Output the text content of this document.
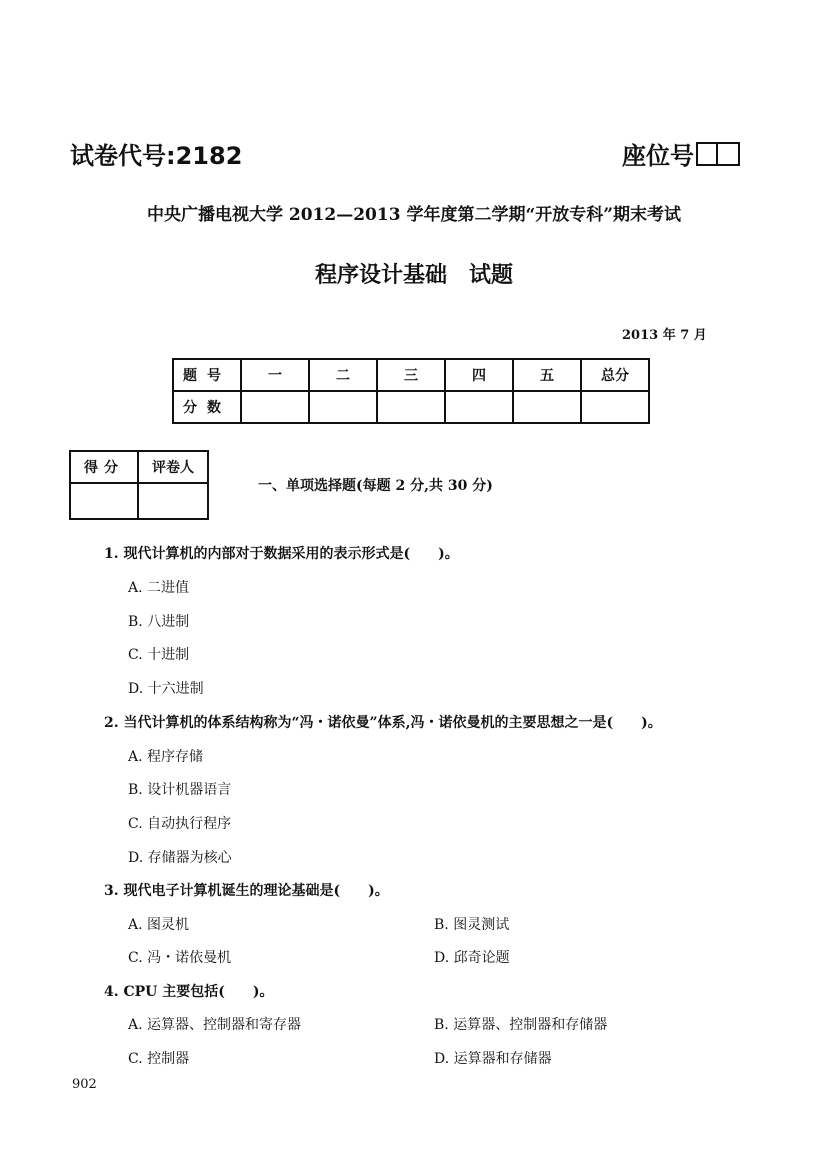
试卷代号:2182	座位号
中央广播电视大学 2012—2013 学年度第二学期“开放专科”期末考试
程序设计基础　试题
2013 年 7 月
题号	一	二	三	四	五	总分
分数						
得分	评卷人

一、单项选择题(每题 2 分,共 30 分)
1. 现代计算机的内部对于数据采用的表示形式是(　　)。
A. 二进值
B. 八进制
C. 十进制
D. 十六进制
2. 当代计算机的体系结构称为“冯・诺依曼”体系,冯・诺依曼机的主要思想之一是(　　)。
A. 程序存储
B. 设计机器语言
C. 自动执行程序
D. 存储器为核心
3. 现代电子计算机诞生的理论基础是(　　)。
A. 图灵机	B. 图灵测试
C. 冯・诺依曼机	D. 邱奇论题
4. CPU 主要包括(　　)。
A. 运算器、控制器和寄存器	B. 运算器、控制器和存储器
C. 控制器	D. 运算器和存储器
902
